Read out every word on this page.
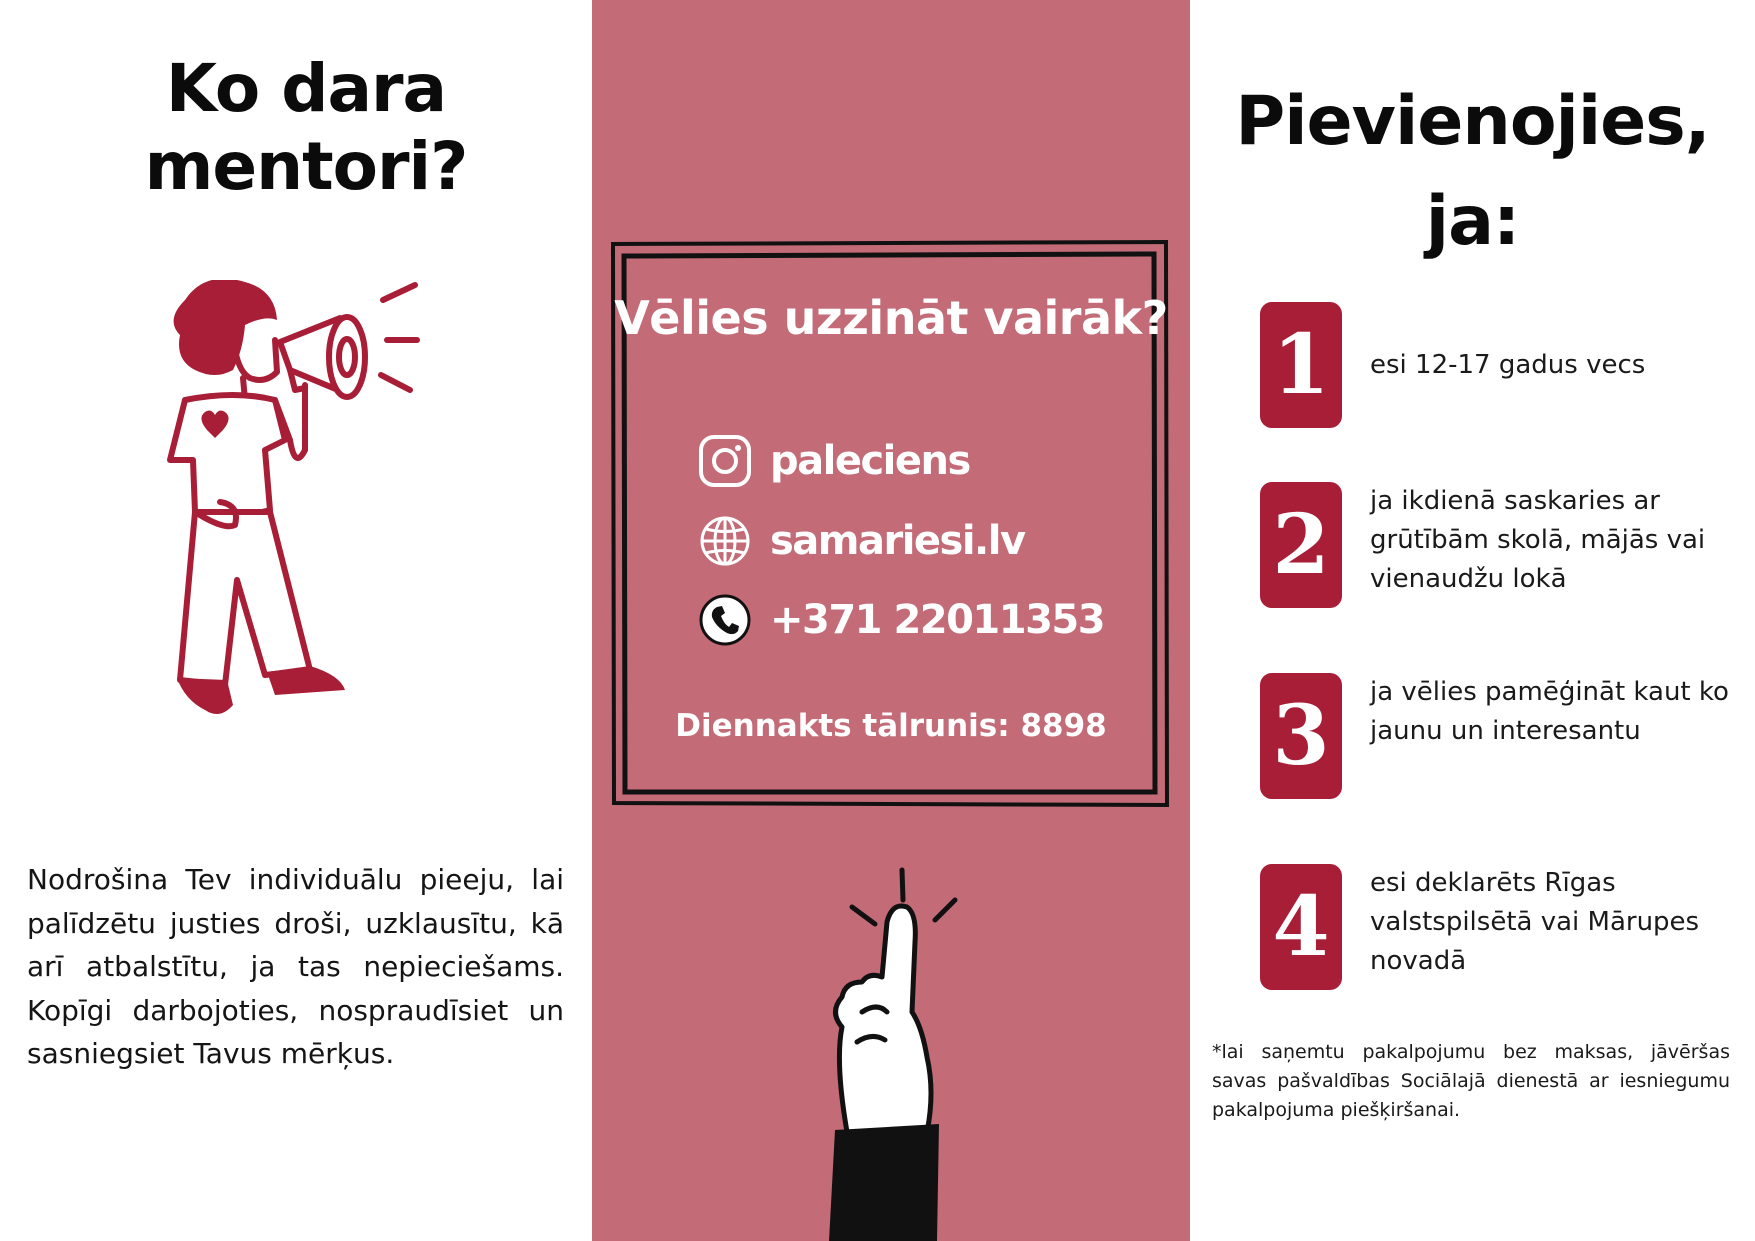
Ko dara mentori?

Nodrošina Tev individuālu pieeju, lai palīdzētu justies droši, uzklausītu, kā arī atbalstītu, ja tas nepieciešams. Kopīgi darbojoties, nospraudīsiet un sasniegsiet Tavus mērķus.

Vēlies uzzināt vairāk?
paleciens
samariesi.lv
+371 22011353

Diennakts tālrunis: 8898

Pievienojies, ja:
1	esi 12-17 gadus vecs

2	ja ikdienā saskaries ar grūtībām skolā, mājās vai vienaudžu lokā

3	ja vēlies pamēģināt kaut ko jaunu un interesantu

4	esi deklarēts Rīgas valstspilsētā vai Mārupes novadā

*lai saņemtu pakalpojumu bez maksas, jāvēršas savas pašvaldības Sociālajā dienestā ar iesniegumu pakalpojuma piešķiršanai.
